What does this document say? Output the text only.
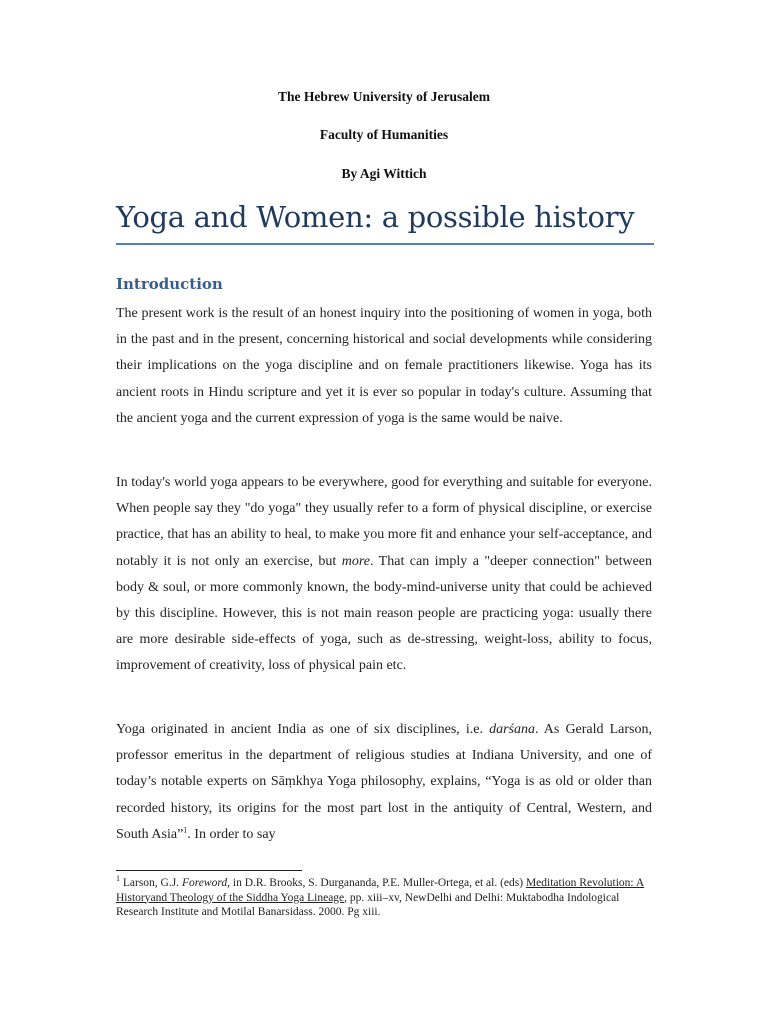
The Hebrew University of Jerusalem
Faculty of Humanities
By Agi Wittich
Yoga and Women: a possible history
Introduction

The present work is the result of an honest inquiry into the positioning of women in yoga, both in the past and in the present, concerning historical and social developments while considering their implications on the yoga discipline and on female practitioners likewise. Yoga has its ancient roots in Hindu scripture and yet it is ever so popular in today's culture. Assuming that the ancient yoga and the current expression of yoga is the same would be naive.

In today's world yoga appears to be everywhere, good for everything and suitable for everyone. When people say they "do yoga" they usually refer to a form of physical discipline, or exercise practice, that has an ability to heal, to make you more fit and enhance your self-acceptance, and notably it is not only an exercise, but more. That can imply a "deeper connection" between body & soul, or more commonly known, the body-mind-universe unity that could be achieved by this discipline. However, this is not main reason people are practicing yoga: usually there are more desirable side-effects of yoga, such as de-stressing, weight-loss, ability to focus, improvement of creativity, loss of physical pain etc.

Yoga originated in ancient India as one of six disciplines, i.e. darśana. As Gerald Larson, professor emeritus in the department of religious studies at Indiana University, and one of today’s notable experts on Sāṃkhya Yoga philosophy, explains, “Yoga is as old or older than recorded history, its origins for the most part lost in the antiquity of Central, Western, and South Asia”$^1$. In order to say

$^1$ Larson, G.J. Foreword, in D.R. Brooks, S. Durgananda, P.E. Muller-Ortega, et al. (eds) Meditation Revolution: A Historyand Theology of the Siddha Yoga Lineage, pp. xiii–xv, NewDelhi and Delhi: Muktabodha Indological Research Institute and Motilal Banarsidass. 2000. Pg xiii.
